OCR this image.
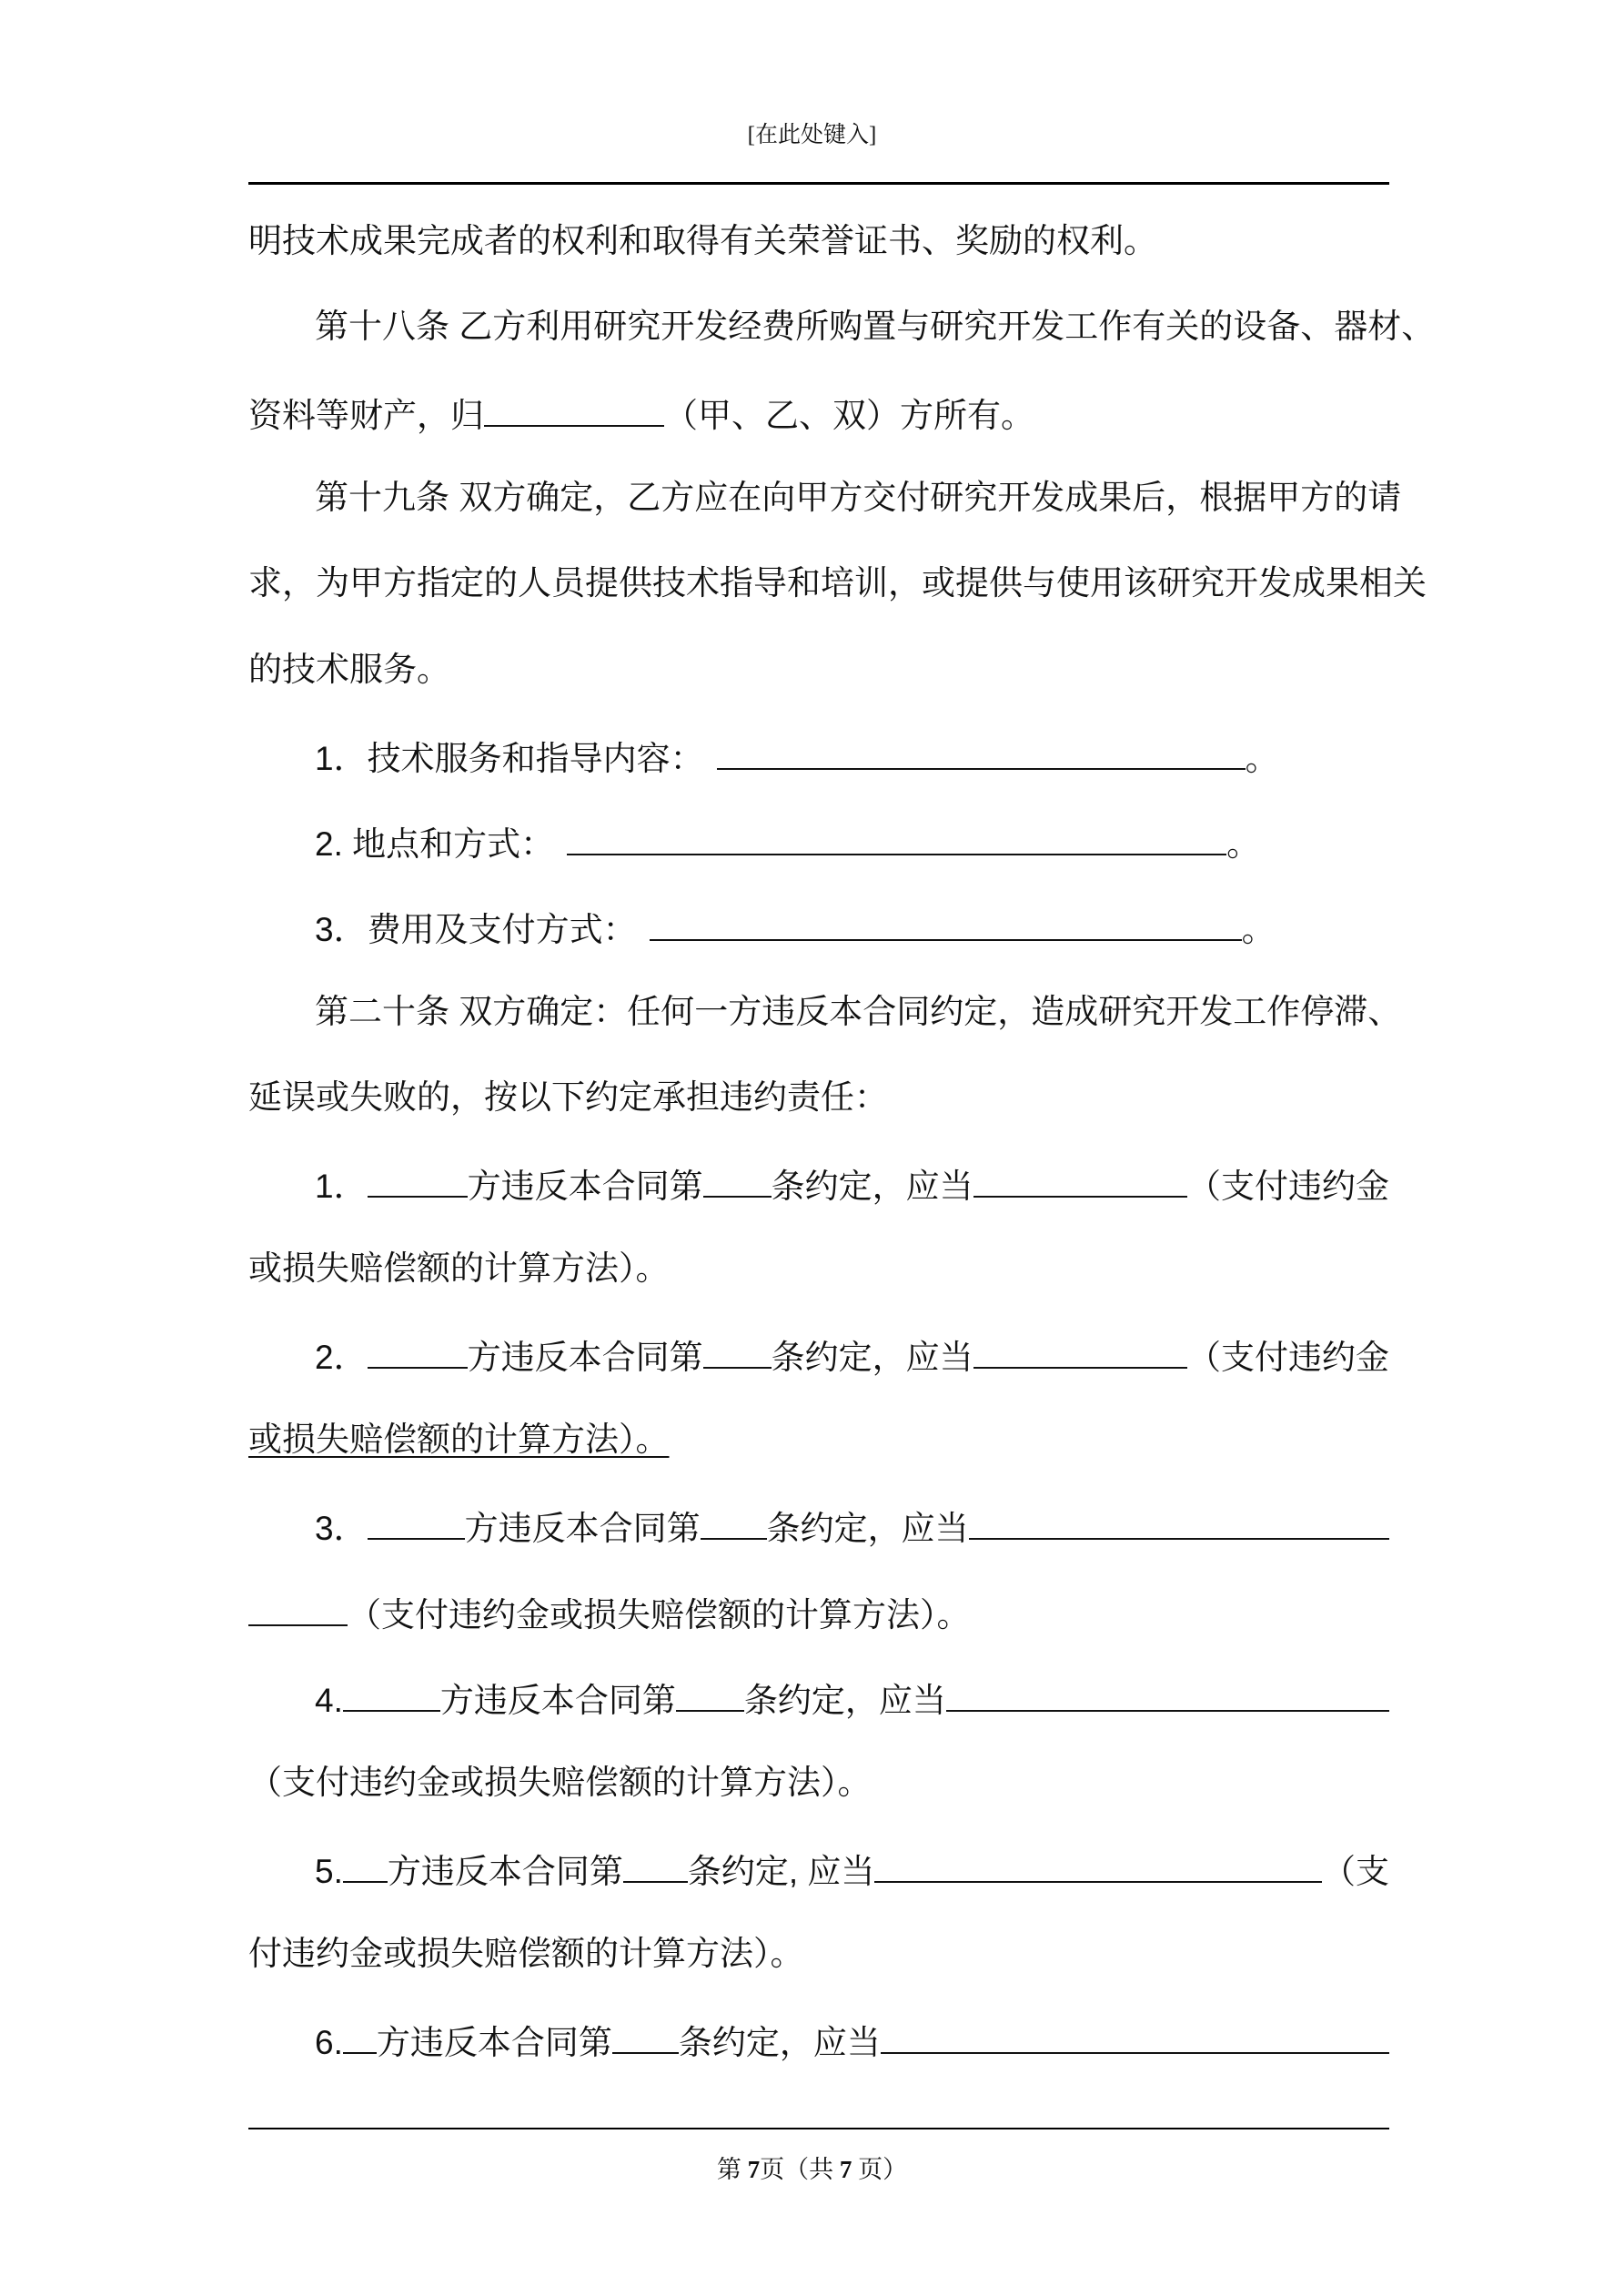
[在此处键入]
明技术成果完成者的权利和取得有关荣誉证书、奖励的权利。
第十八条 乙方利用研究开发经费所购置与研究开发工作有关的设备、器材、
资料等财产，归	（甲、乙、双）方所有。
第十九条 双方确定，乙方应在向甲方交付研究开发成果后，根据甲方的请
求，为甲方指定的人员提供技术指导和培训，或提供与使用该研究开发成果相关
的技术服务。
1．技术服务和指导内容：	。
2. 地点和方式：	。
3．费用及支付方式：	。
第二十条 双方确定：任何一方违反本合同约定，造成研究开发工作停滞、
延误或失败的，按以下约定承担违约责任：
1．	方违反本合同第 条约定，应当	（支付违约金
或损失赔偿额的计算方法）。
2．	方违反本合同第 条约定，应当	（支付违约金
或损失赔偿额的计算方法）。
3．	方违反本合同第 条约定，应当
（支付违约金或损失赔偿额的计算方法）。
4.	方违反本合同第 条约定，应当
（支付违约金或损失赔偿额的计算方法）。
5. 方违反本合同第 条约定, 应当	（支
付违约金或损失赔偿额的计算方法）。
6. 方违反本合同第 条约定，应当
第 7页（共 7 页）
